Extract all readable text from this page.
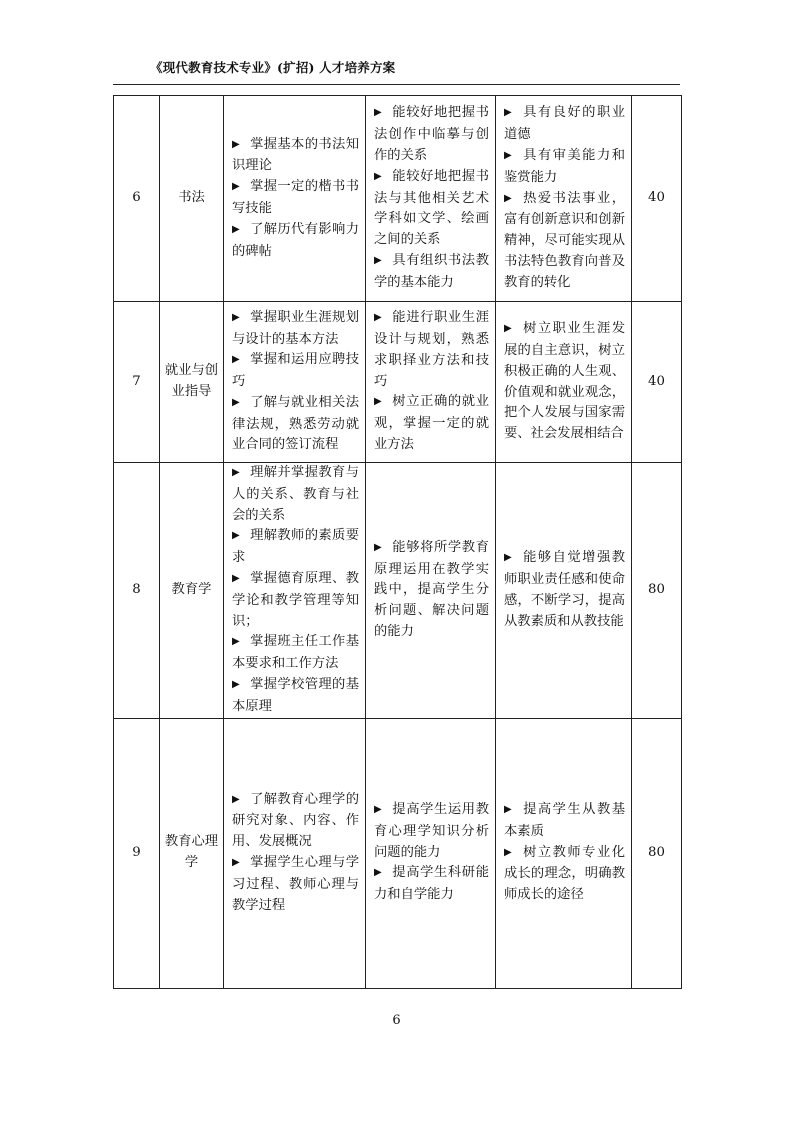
《现代教育技术专业》(扩招) 人才培养方案
6	书法	▶ 掌握基本的书法知识理论
▶ 掌握一定的楷书书写技能
▶ 了解历代有影响力的碑帖	▶ 能较好地把握书法创作中临摹与创作的关系
▶ 能较好地把握书法与其他相关艺术学科如文学、绘画之间的关系
▶ 具有组织书法教学的基本能力	▶ 具有良好的职业道德
▶ 具有审美能力和鉴赏能力
▶ 热爱书法事业，富有创新意识和创新精神，尽可能实现从书法特色教育向普及教育的转化	40
7	就业与创业指导	▶ 掌握职业生涯规划与设计的基本方法
▶ 掌握和运用应聘技巧
▶ 了解与就业相关法律法规，熟悉劳动就业合同的签订流程	▶ 能进行职业生涯设计与规划，熟悉求职择业方法和技巧
▶ 树立正确的就业观，掌握一定的就业方法	▶ 树立职业生涯发展的自主意识，树立积极正确的人生观、价值观和就业观念，把个人发展与国家需要、社会发展相结合	40
8	教育学	▶ 理解并掌握教育与人的关系、教育与社会的关系
▶ 理解教师的素质要求
▶ 掌握德育原理、教学论和教学管理等知识；
▶ 掌握班主任工作基本要求和工作方法
▶ 掌握学校管理的基本原理	▶ 能够将所学教育原理运用在教学实践中，提高学生分析问题、解决问题的能力	▶ 能够自觉增强教师职业责任感和使命感，不断学习，提高从教素质和从教技能	80
9	教育心理学	▶ 了解教育心理学的研究对象、内容、作用、发展概况
▶ 掌握学生心理与学习过程、教师心理与教学过程	▶ 提高学生运用教育心理学知识分析问题的能力
▶ 提高学生科研能力和自学能力	▶ 提高学生从教基本素质
▶ 树立教师专业化成长的理念，明确教师成长的途径	80
6
